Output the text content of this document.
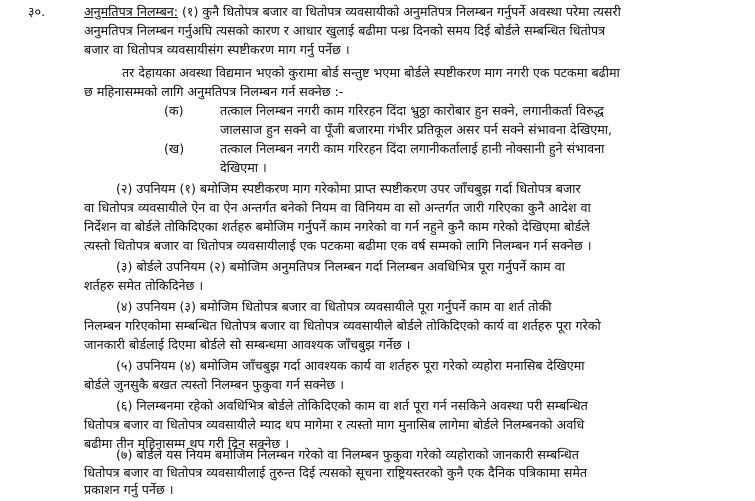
३०.	अनुमतिपत्र निलम्बन: (१) कुनै धितोपत्र बजार वा धितोपत्र व्यवसायीको अनुमतिपत्र निलम्बन गर्नुपर्ने अवस्था परेमा त्यसरी
अनुमतिपत्र निलम्बन गर्नुअघि त्यसको कारण र आधार खुलाई बढीमा पन्ध्र दिनको समय दिई बोर्डले सम्बन्धित धितोपत्र
बजार वा धितोपत्र व्यवसायीसंग स्पष्टीकरण माग गर्नु पर्नेछ ।
तर देहायका अवस्था विद्यमान भएको कुरामा बोर्ड सन्तुष्ट भएमा बोर्डले स्पष्टीकरण माग नगरी एक पटकमा बढीमा
छ महिनासम्मको लागि अनुमतिपत्र निलम्बन गर्न सक्नेछ :-
(क)	तत्काल निलम्बन नगरी काम गरिरहन दिंदा भ्रुठ्ठा कारोबार हुन सक्ने, लगानीकर्ता विरुद्ध
जालसाज हुन सक्ने वा पूँजी बजारमा गंभीर प्रतिकूल असर पर्न सक्ने संभावना देखिएमा,
(ख)	तत्काल निलम्बन नगरी काम गरिरहन दिंदा लगानीकर्तालाई हानी नोक्सानी हुने संभावना
देखिएमा ।
(२) उपनियम (१) बमोजिम स्पष्टीकरण माग गरेकोमा प्राप्त स्पष्टीकरण उपर जाँचबुझ गर्दा धितोपत्र बजार
वा धितोपत्र व्यवसायीले ऐन वा ऐन अन्तर्गत बनेको नियम वा विनियम वा सो अन्तर्गत जारी गरिएका कुनै आदेश वा
निर्देशन वा बोर्डले तोकिदिएका शर्तहरु बमोजिम गर्नुपर्ने काम नगरेको वा गर्न नहुने कुनै काम गरेको देखिएमा बोर्डले
त्यस्तो धितोपत्र बजार वा धितोपत्र व्यवसायीलाई एक पटकमा बढीमा एक वर्ष सम्मको लागि निलम्बन गर्न सक्नेछ ।
(३) बोर्डले उपनियम (२) बमोजिम अनुमतिपत्र निलम्बन गर्दा निलम्बन अवधिभित्र पूरा गर्नुपर्ने काम वा
शर्तहरु समेत तोकिदिनेछ ।
(४) उपनियम (३) बमोजिम धितोपत्र बजार वा धितोपत्र व्यवसायीले पूरा गर्नुपर्ने काम वा शर्त तोकी
निलम्बन गरिएकोमा सम्बन्धित धितोपत्र बजार वा धितोपत्र व्यवसायीले बोर्डले तोकिदिएको कार्य वा शर्तहरु पूरा गरेको
जानकारी बोर्डलाई दिएमा बोर्डले सो सम्बन्धमा आवश्यक जाँचबुझ गर्नेछ ।
(५) उपनियम (४) बमोजिम जाँचबुझ गर्दा आवश्यक कार्य वा शर्तहरु पूरा गरेको व्यहोरा मनासिब देखिएमा
बोर्डले जुनसुकै बखत त्यस्तो निलम्बन फुकुवा गर्न सक्नेछ ।
(६) निलम्बनमा रहेको अवधिभित्र बोर्डले तोकिदिएको काम वा शर्त पूरा गर्न नसकिने अवस्था परी सम्बन्धित
धितोपत्र बजार वा धितोपत्र व्यवसायीले म्याद थप मागेमा र त्यस्तो माग मुनासिब लागेमा बोर्डले निलम्बनको अवधि
बढीमा तीन महिनासम्म थप गरी दिन सक्नेछ ।
(७) बोर्डले यस नियम बमोजिम निलम्बन गरेको वा निलम्बन फुकुवा गरेको व्यहोराको जानकारी सम्बन्धित
धितोपत्र बजार वा धितोपत्र व्यवसायीलाई तुरुन्त दिई त्यसको सूचना राष्ट्रियस्तरको कुनै एक दैनिक पत्रिकामा समेत
प्रकाशन गर्नु पर्नेछ ।
